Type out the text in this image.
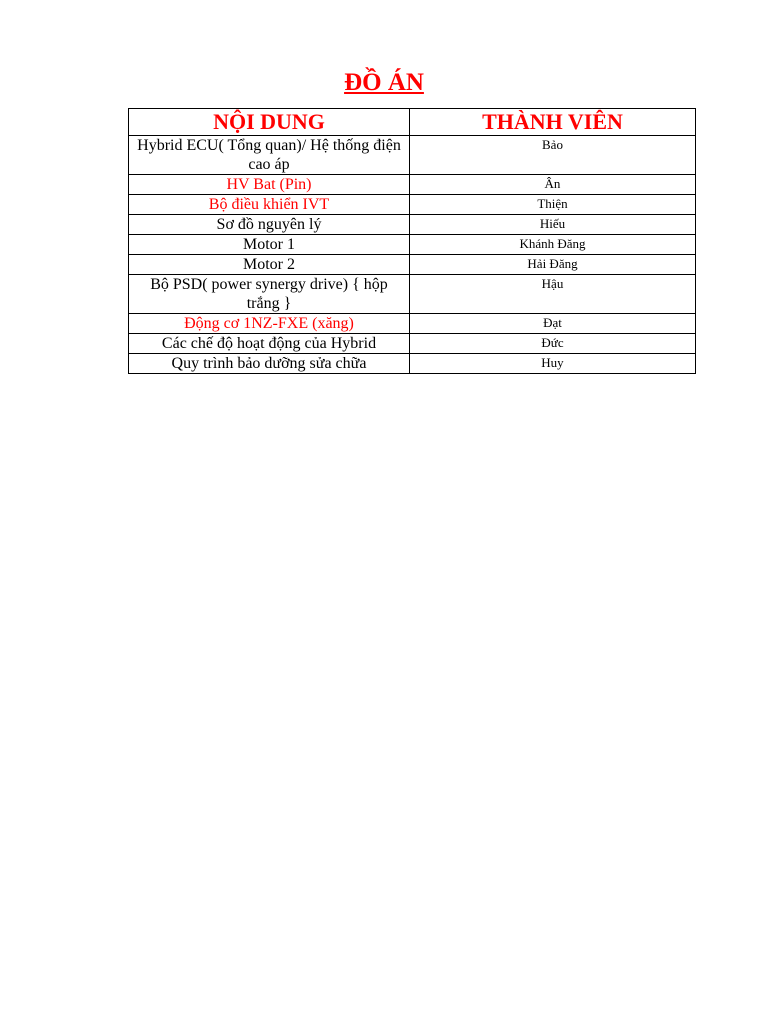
ĐỒ ÁN
NỘI DUNG	THÀNH VIÊN
Hybrid ECU( Tổng quan)/ Hệ thống điện cao áp	Bảo
HV Bat (Pin)	Ân
Bộ điều khiển IVT	Thiện
Sơ đồ nguyên lý	Hiếu
Motor 1	Khánh Đăng
Motor 2	Hải Đăng
Bộ PSD( power synergy drive) { hộp trắng }	Hậu
Động cơ 1NZ-FXE (xăng)	Đạt
Các chế độ hoạt động của Hybrid	Đức
Quy trình bảo dưỡng sửa chữa	Huy
